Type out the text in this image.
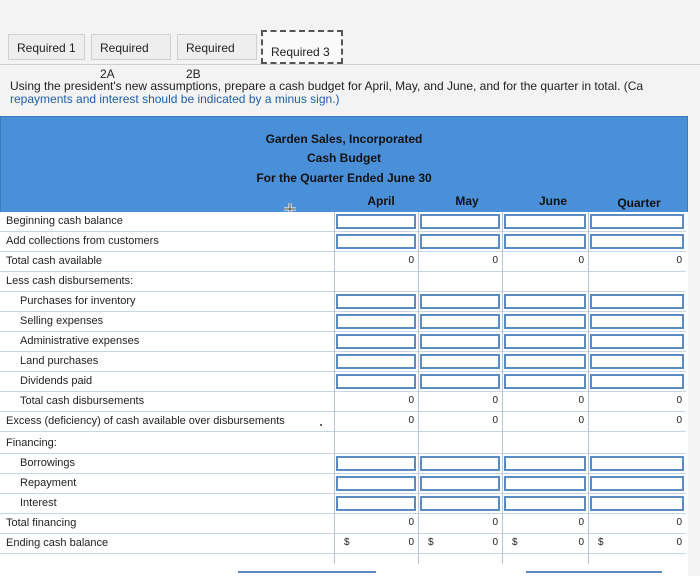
Required 1	Required 2A
Required 2B
Required 3
Using the president's new assumptions, prepare a cash budget for April, May, and June, and for the quarter in total. (Ca
repayments and interest should be indicated by a minus sign.)
Garden Sales, Incorporated
Cash Budget
For the Quarter Ended June 30
April	May	June	Quarter
Beginning cash balance
Add collections from customers
Total cash available	0	0	0	0
Less cash disbursements:
Purchases for inventory
Selling expenses
Administrative expenses
Land purchases
Dividends paid
Total cash disbursements	0	0	0	0
Excess (deficiency) of cash available over disbursements	0	0	0	0
Financing:
Borrowings
Repayment
Interest
Total financing	0	0	0	0
Ending cash balance	$	0 $	0 $	0 $	0
